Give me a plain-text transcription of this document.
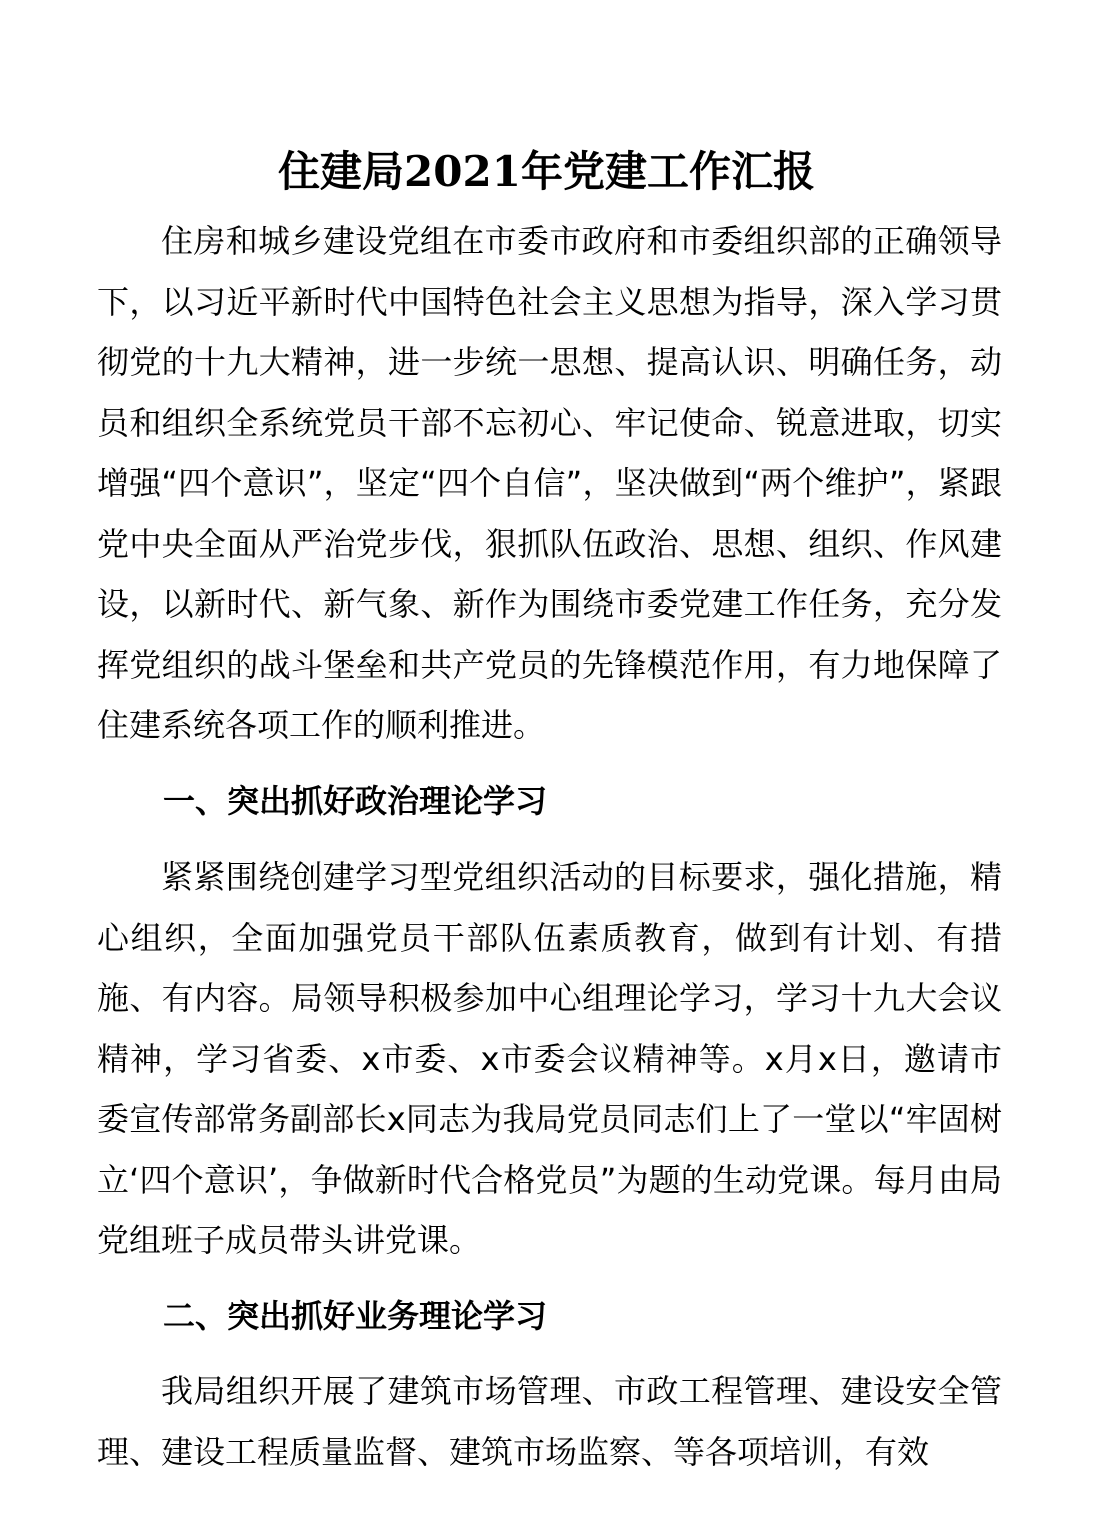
住建局2021年党建工作汇报

住房和城乡建设党组在市委市政府和市委组织部的正确领导下，以习近平新时代中国特色社会主义思想为指导，深入学习贯彻党的十九大精神，进一步统一思想、提高认识、明确任务，动员和组织全系统党员干部不忘初心、牢记使命、锐意进取，切实增强“四个意识”，坚定“四个自信”，坚决做到“两个维护”，紧跟党中央全面从严治党步伐，狠抓队伍政治、思想、组织、作风建设，以新时代、新气象、新作为围绕市委党建工作任务，充分发挥党组织的战斗堡垒和共产党员的先锋模范作用，有力地保障了住建系统各项工作的顺利推进。

一、突出抓好政治理论学习

紧紧围绕创建学习型党组织活动的目标要求，强化措施，精心组织，全面加强党员干部队伍素质教育，做到有计划、有措施、有内容。局领导积极参加中心组理论学习，学习十九大会议精神，学习省委、x市委、x市委会议精神等。x月x日，邀请市委宣传部常务副部长x同志为我局党员同志们上了一堂以“牢固树立‘四个意识’，争做新时代合格党员”为题的生动党课。每月由局党组班子成员带头讲党课。

二、突出抓好业务理论学习

我局组织开展了建筑市场管理、市政工程管理、建设安全管理、建设工程质量监督、建筑市场监察、等各项培训，有效
